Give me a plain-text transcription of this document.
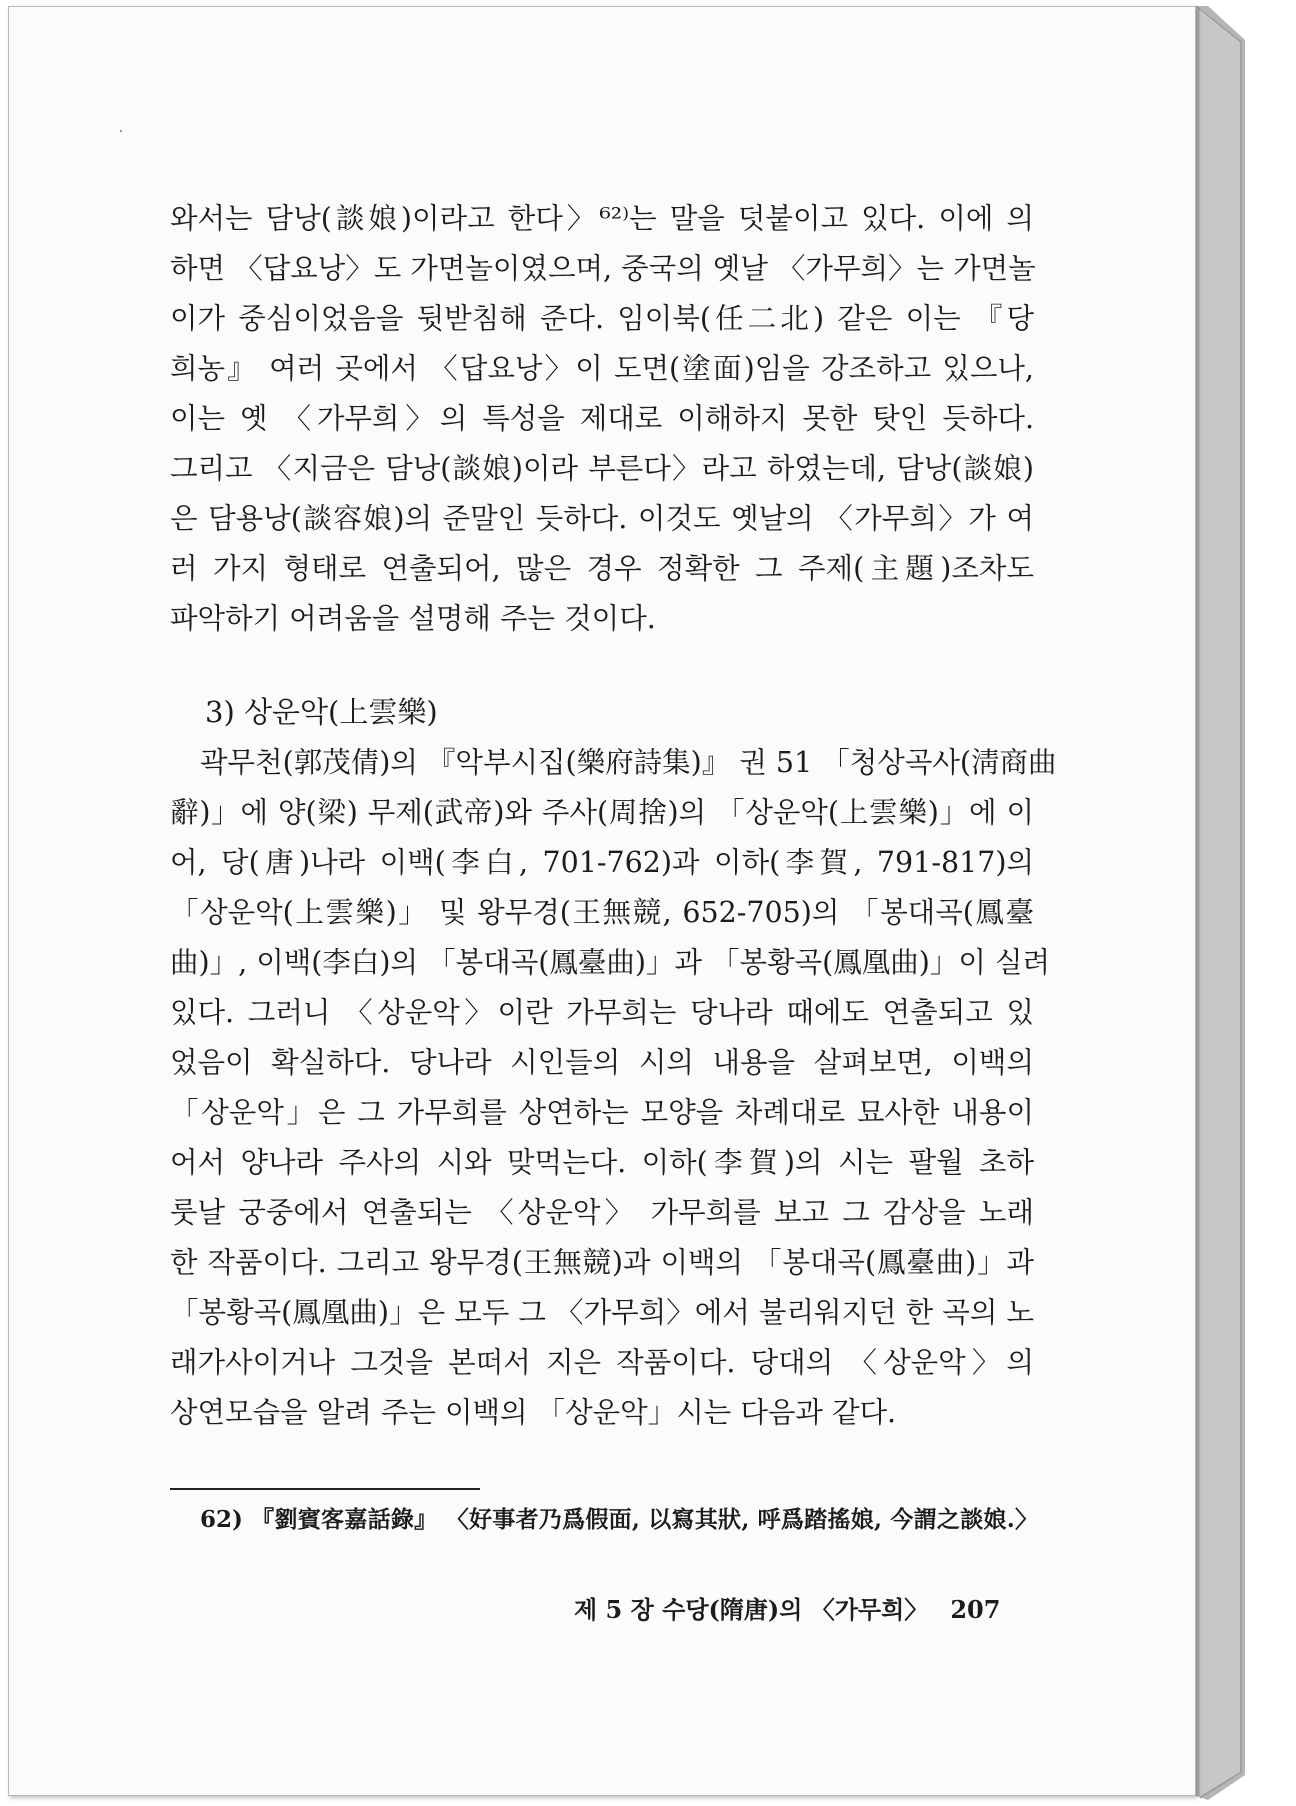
와서는 담낭(談娘)이라고 한다〉⁶²⁾는 말을 덧붙이고 있다. 이에 의
하면 〈답요낭〉도 가면놀이였으며, 중국의 옛날 〈가무희〉는 가면놀
이가 중심이었음을 뒷받침해 준다. 임이북(任二北) 같은 이는 『당
희농』 여러 곳에서 〈답요낭〉이 도면(塗面)임을 강조하고 있으나,
이는 옛 〈가무희〉의 특성을 제대로 이해하지 못한 탓인 듯하다.
그리고 〈지금은 담낭(談娘)이라 부른다〉라고 하였는데, 담낭(談娘)
은 담용낭(談容娘)의 준말인 듯하다. 이것도 옛날의 〈가무희〉가 여
러 가지 형태로 연출되어, 많은 경우 정확한 그 주제(主題)조차도
파악하기 어려움을 설명해 주는 것이다.
3) 상운악(上雲樂)
곽무천(郭茂倩)의 『악부시집(樂府詩集)』 권 51 「청상곡사(淸商曲
辭)」에 양(梁) 무제(武帝)와 주사(周捨)의 「상운악(上雲樂)」에 이
어, 당(唐)나라 이백(李白, 701-762)과 이하(李賀, 791-817)의
「상운악(上雲樂)」 및 왕무경(王無競, 652-705)의 「봉대곡(鳳臺
曲)」, 이백(李白)의 「봉대곡(鳳臺曲)」과 「봉황곡(鳳凰曲)」이 실려
있다. 그러니 〈상운악〉이란 가무희는 당나라 때에도 연출되고 있
었음이 확실하다. 당나라 시인들의 시의 내용을 살펴보면, 이백의
「상운악」은 그 가무희를 상연하는 모양을 차례대로 묘사한 내용이
어서 양나라 주사의 시와 맞먹는다. 이하(李賀)의 시는 팔월 초하
룻날 궁중에서 연출되는 〈상운악〉 가무희를 보고 그 감상을 노래
한 작품이다. 그리고 왕무경(王無競)과 이백의 「봉대곡(鳳臺曲)」과
「봉황곡(鳳凰曲)」은 모두 그 〈가무희〉에서 불리워지던 한 곡의 노
래가사이거나 그것을 본떠서 지은 작품이다. 당대의 〈상운악〉의
상연모습을 알려 주는 이백의 「상운악」시는 다음과 같다.
62) 『劉賓客嘉話錄』 〈好事者乃爲假面, 以寫其狀, 呼爲踏搖娘, 今謂之談娘.〉
제 5 장 수당(隋唐)의 〈가무희〉 207
